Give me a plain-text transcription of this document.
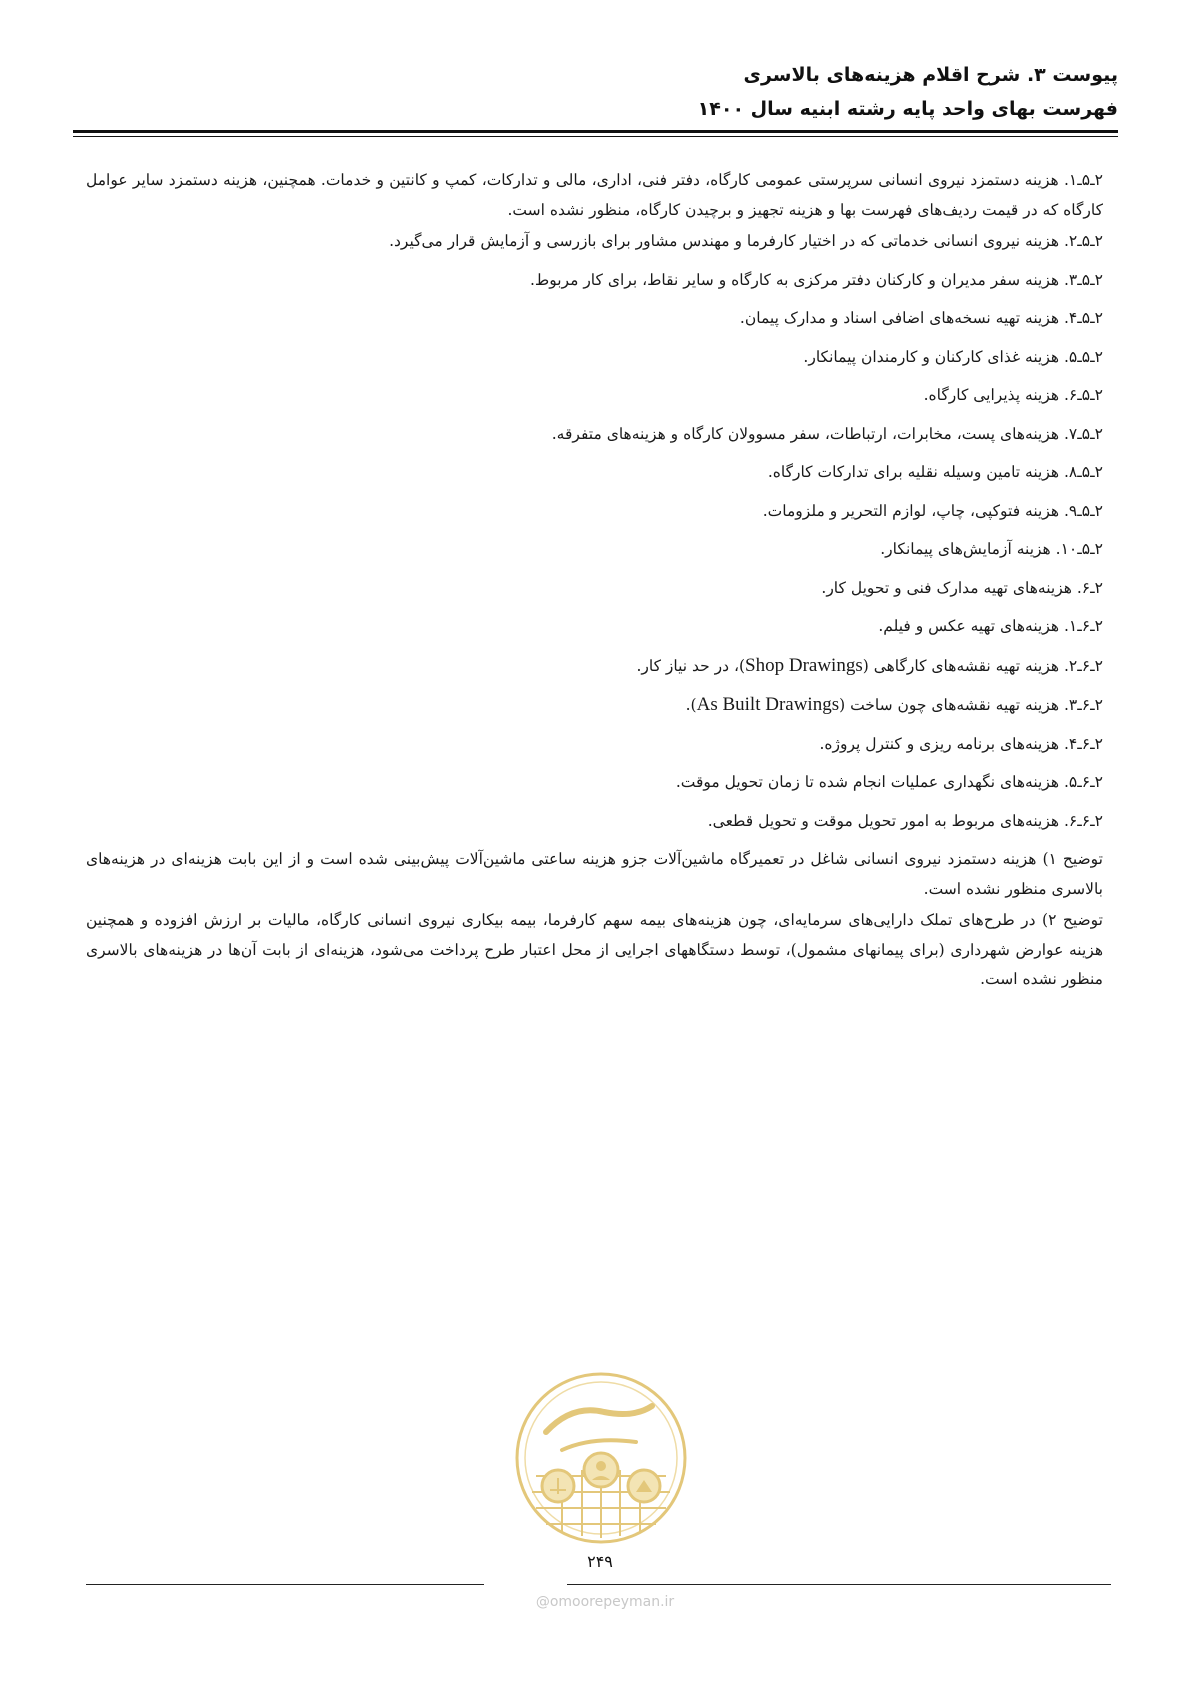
پیوست ۳. شرح اقلام هزینه‌های بالاسری
فهرست بهای واحد پایه رشته ابنیه سال ۱۴۰۰

۲ـ۵ـ۱. هزینه دستمزد نیروی انسانی سرپرستی عمومی کارگاه، دفتر فنی، اداری، مالی و تدارکات، کمپ و کانتین و خدمات. همچنین، هزینه دستمزد سایر عوامل کارگاه که در قیمت ردیف‌های فهرست بها و هزینه تجهیز و برچیدن کارگاه، منظور نشده است.

۲ـ۵ـ۲. هزینه نیروی انسانی خدماتی که در اختیار کارفرما و مهندس مشاور برای بازرسی و آزمایش قرار می‌گیرد.

۲ـ۵ـ۳. هزینه سفر مدیران و کارکنان دفتر مرکزی به کارگاه و سایر نقاط، برای کار مربوط.

۲ـ۵ـ۴. هزینه تهیه نسخه‌های اضافی اسناد و مدارک پیمان.

۲ـ۵ـ۵. هزینه غذای کارکنان و کارمندان پیمانکار.

۲ـ۵ـ۶. هزینه پذیرایی کارگاه.

۲ـ۵ـ۷. هزینه‌های پست، مخابرات، ارتباطات، سفر مسوولان کارگاه و هزینه‌های متفرقه.

۲ـ۵ـ۸. هزینه تامین وسیله نقلیه برای تدارکات کارگاه.

۲ـ۵ـ۹. هزینه فتوکپی، چاپ، لوازم التحریر و ملزومات.

۲ـ۵ـ۱۰. هزینه آزمایش‌های پیمانکار.

۲ـ۶. هزینه‌های تهیه مدارک فنی و تحویل کار.

۲ـ۶ـ۱. هزینه‌های تهیه عکس و فیلم.

۲ـ۶ـ۲. هزینه تهیه نقشه‌های کارگاهی (Shop Drawings)، در حد نیاز کار.

۲ـ۶ـ۳. هزینه تهیه نقشه‌های چون ساخت (As Built Drawings).

۲ـ۶ـ۴. هزینه‌های برنامه ریزی و کنترل پروژه.

۲ـ۶ـ۵. هزینه‌های نگهداری عملیات انجام شده تا زمان تحویل موقت.

۲ـ۶ـ۶. هزینه‌های مربوط به امور تحویل موقت و تحویل قطعی.

توضیح ۱) هزینه دستمزد نیروی انسانی شاغل در تعمیرگاه ماشین‌آلات جزو هزینه ساعتی ماشین‌آلات پیش‌بینی شده است و از این بابت هزینه‌ای در هزینه‌های بالاسری منظور نشده است.

توضیح ۲) در طرح‌های تملک دارایی‌های سرمایه‌ای، چون هزینه‌های بیمه سهم کارفرما، بیمه بیکاری نیروی انسانی کارگاه، مالیات بر ارزش افزوده و همچنین هزینه عوارض شهرداری (برای پیمانهای مشمول)، توسط دستگاههای اجرایی از محل اعتبار طرح پرداخت می‌شود، هزینه‌ای از بابت آن‌ها در هزینه‌های بالاسری منظور نشده است.

۲۴۹
@omoorepeyman.ir
